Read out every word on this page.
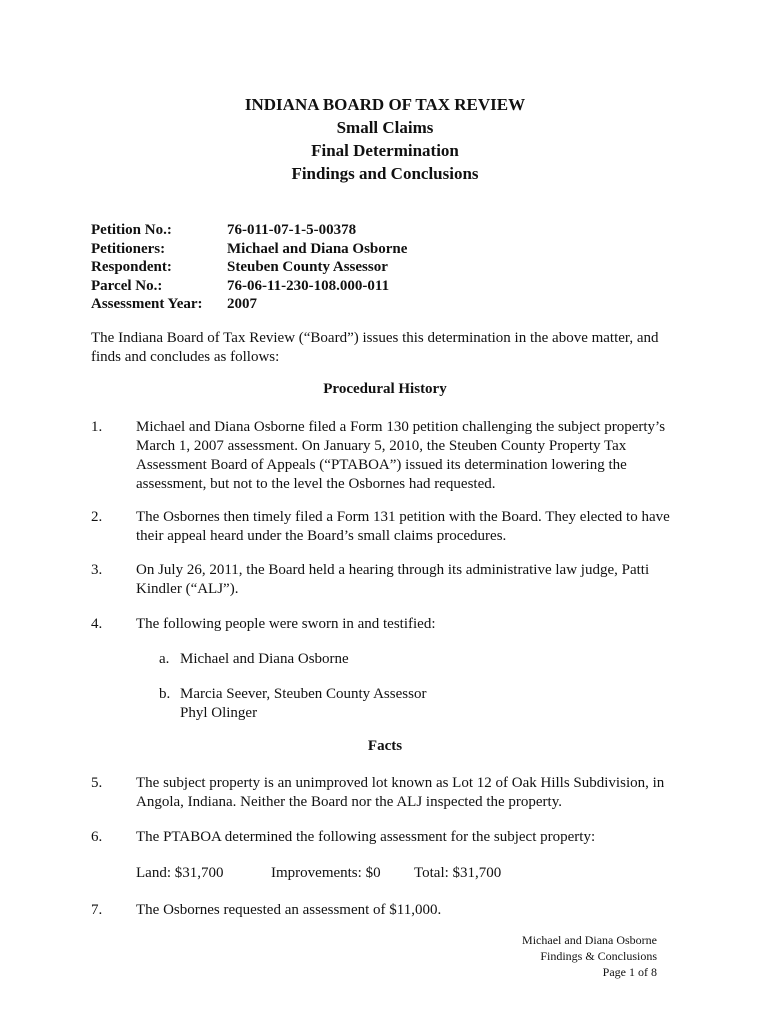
INDIANA BOARD OF TAX REVIEW
Small Claims
Final Determination
Findings and Conclusions
Petition No.:	76-011-07-1-5-00378
Petitioners:	Michael and Diana Osborne
Respondent:	Steuben County Assessor
Parcel No.:	76-06-11-230-108.000-011
Assessment Year: 2007
The Indiana Board of Tax Review (“Board”) issues this determination in the above matter, and finds and concludes as follows:
Procedural History
1. Michael and Diana Osborne filed a Form 130 petition challenging the subject property’s March 1, 2007 assessment. On January 5, 2010, the Steuben County Property Tax Assessment Board of Appeals (“PTABOA”) issued its determination lowering the assessment, but not to the level the Osbornes had requested.
2. The Osbornes then timely filed a Form 131 petition with the Board. They elected to have their appeal heard under the Board’s small claims procedures.
3. On July 26, 2011, the Board held a hearing through its administrative law judge, Patti Kindler (“ALJ”).
4. The following people were sworn in and testified:
a. Michael and Diana Osborne
b. Marcia Seever, Steuben County Assessor
Phyl Olinger
Facts
5. The subject property is an unimproved lot known as Lot 12 of Oak Hills Subdivision, in Angola, Indiana. Neither the Board nor the ALJ inspected the property.
6. The PTABOA determined the following assessment for the subject property:
Land: $31,700	Improvements: $0 Total: $31,700
7. The Osbornes requested an assessment of $11,000.
Michael and Diana Osborne
Findings & Conclusions
Page 1 of 8
